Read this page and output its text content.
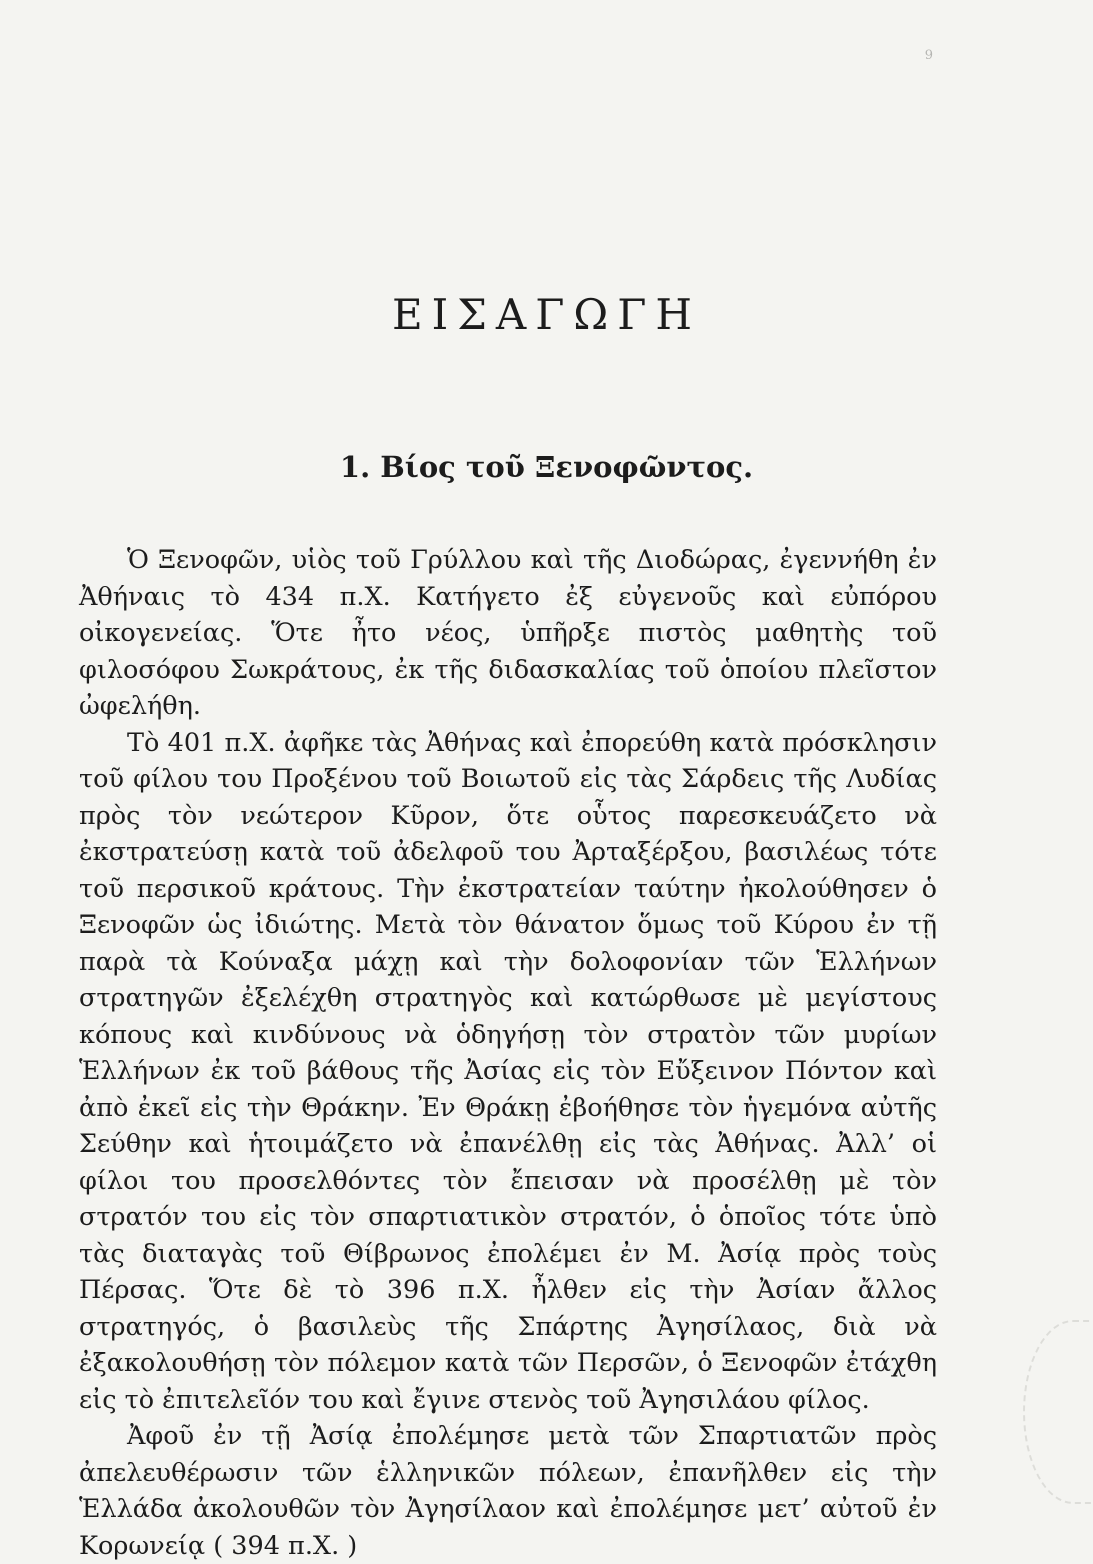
9
ΕΙΣΑΓΩΓΗ
1. Βίος τοῦ Ξενοφῶντος.

Ὁ Ξενοφῶν, υἱὸς τοῦ Γρύλλου καὶ τῆς Διοδώρας, ἐγεννήθη ἐν Ἀθήναις τὸ 434 π.Χ. Κατήγετο ἐξ εὐγενοῦς καὶ εὐπόρου οἰκογενείας. Ὅτε ἦτο νέος, ὑπῆρξε πιστὸς μαθητὴς τοῦ φιλοσόφου Σωκράτους, ἐκ τῆς διδασκαλίας τοῦ ὁποίου πλεῖστον ὠφελήθη.

Τὸ 401 π.Χ. ἀφῆκε τὰς Ἀθήνας καὶ ἐπορεύθη κατὰ πρόσκλησιν τοῦ φίλου του Προξένου τοῦ Βοιωτοῦ εἰς τὰς Σάρδεις τῆς Λυδίας πρὸς τὸν νεώτερον Κῦρον, ὅτε οὗτος παρεσκευάζετο νὰ ἐκστρατεύσῃ κατὰ τοῦ ἀδελφοῦ του Ἀρταξέρξου, βασιλέως τότε τοῦ περσικοῦ κράτους. Τὴν ἐκστρατείαν ταύτην ἠκολούθησεν ὁ Ξενοφῶν ὡς ἰδιώτης. Μετὰ τὸν θάνατον ὅμως τοῦ Κύρου ἐν τῇ παρὰ τὰ Κούναξα μάχῃ καὶ τὴν δολοφονίαν τῶν Ἑλλήνων στρατηγῶν ἐξελέχθη στρατηγὸς καὶ κατώρθωσε μὲ μεγίστους κόπους καὶ κινδύνους νὰ ὁδηγήσῃ τὸν στρατὸν τῶν μυρίων Ἑλλήνων ἐκ τοῦ βάθους τῆς Ἀσίας εἰς τὸν Εὔξεινον Πόντον καὶ ἀπὸ ἐκεῖ εἰς τὴν Θράκην. Ἐν Θράκῃ ἐβοήθησε τὸν ἡγεμόνα αὐτῆς Σεύθην καὶ ἡτοιμάζετο νὰ ἐπανέλθῃ εἰς τὰς Ἀθήνας. Ἀλλ’ οἱ φίλοι του προσελθόντες τὸν ἔπεισαν νὰ προσέλθῃ μὲ τὸν στρατόν του εἰς τὸν σπαρτιατικὸν στρατόν, ὁ ὁποῖος τότε ὑπὸ τὰς διαταγὰς τοῦ Θίβρωνος ἐπολέμει ἐν Μ. Ἀσίᾳ πρὸς τοὺς Πέρσας. Ὅτε δὲ τὸ 396 π.Χ. ἦλθεν εἰς τὴν Ἀσίαν ἄλλος στρατηγός, ὁ βασιλεὺς τῆς Σπάρτης Ἀγησίλαος, διὰ νὰ ἐξακολουθήσῃ τὸν πόλεμον κατὰ τῶν Περσῶν, ὁ Ξενοφῶν ἐτάχθη εἰς τὸ ἐπιτελεῖόν του καὶ ἔγινε στενὸς τοῦ Ἀγησιλάου φίλος.

Ἀφοῦ ἐν τῇ Ἀσίᾳ ἐπολέμησε μετὰ τῶν Σπαρτιατῶν πρὸς ἀπελευθέρωσιν τῶν ἑλληνικῶν πόλεων, ἐπανῆλθεν εἰς τὴν Ἑλλάδα ἀκολουθῶν τὸν Ἀγησίλαον καὶ ἐπολέμησε μετ’ αὐτοῦ ἐν Κορωνείᾳ ( 394 π.Χ. )
